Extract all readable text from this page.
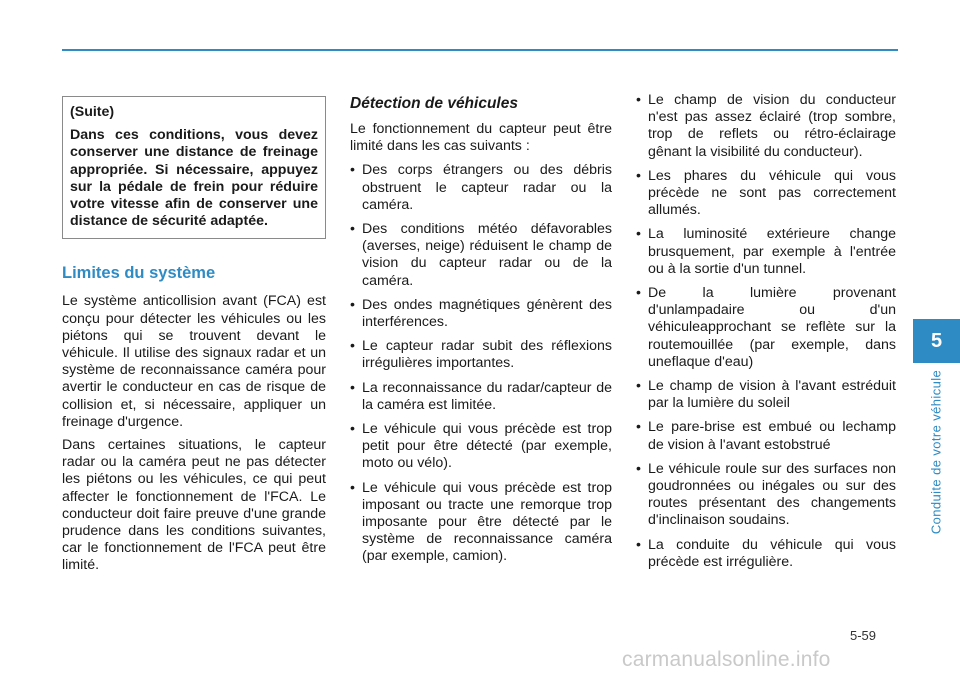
(Suite)
Dans ces conditions, vous devez conserver une distance de freinage appropriée. Si nécessaire, appuyez sur la pédale de frein pour réduire votre vitesse afin de conserver une distance de sécurité adaptée.
Limites du système

Le système anticollision avant (FCA) est conçu pour détecter les véhicules ou les piétons qui se trouvent devant le véhicule. Il utilise des signaux radar et un système de reconnaissance caméra pour avertir le conducteur en cas de risque de collision et, si nécessaire, appliquer un freinage d'urgence.

Dans certaines situations, le capteur radar ou la caméra peut ne pas détecter les piétons ou les véhicules, ce qui peut affecter le fonctionnement de l'FCA. Le conducteur doit faire preuve d'une grande prudence dans les conditions suivantes, car le fonctionnement de l'FCA peut être limité.

Détection de véhicules

Le fonctionnement du capteur peut être limité dans les cas suivants :

• Des corps étrangers ou des débris obstruent le capteur radar ou la caméra.
• Des conditions météo défavorables (averses, neige) réduisent le champ de vision du capteur radar ou de la caméra.
• Des ondes magnétiques génèrent des interférences.
• Le capteur radar subit des réflexions irrégulières importantes.
• La reconnaissance du radar/capteur de la caméra est limitée.
• Le véhicule qui vous précède est trop petit pour être détecté (par exemple, moto ou vélo).
• Le véhicule qui vous précède est trop imposant ou tracte une remorque trop imposante pour être détecté par le système de reconnaissance caméra (par exemple, camion).
• Le champ de vision du conducteur n'est pas assez éclairé (trop sombre, trop de reflets ou rétro-éclairage gênant la visibilité du conducteur).
• Les phares du véhicule qui vous précède ne sont pas correctement allumés.
• La luminosité extérieure change brusquement, par exemple à l'entrée ou à la sortie d'un tunnel.
• De la lumière provenant d'unlampadaire ou d'un véhiculeapprochant se reflète sur la routemouillée (par exemple, dans uneflaque d'eau)
• Le champ de vision à l'avant estréduit par la lumière du soleil
• Le pare-brise est embué ou lechamp de vision à l'avant estobstrué
• Le véhicule roule sur des surfaces non goudronnées ou inégales ou sur des routes présentant des changements d'inclinaison soudains.
• La conduite du véhicule qui vous précède est irrégulière.
5
Conduite de votre véhicule
5-59
carmanualsonline.info
